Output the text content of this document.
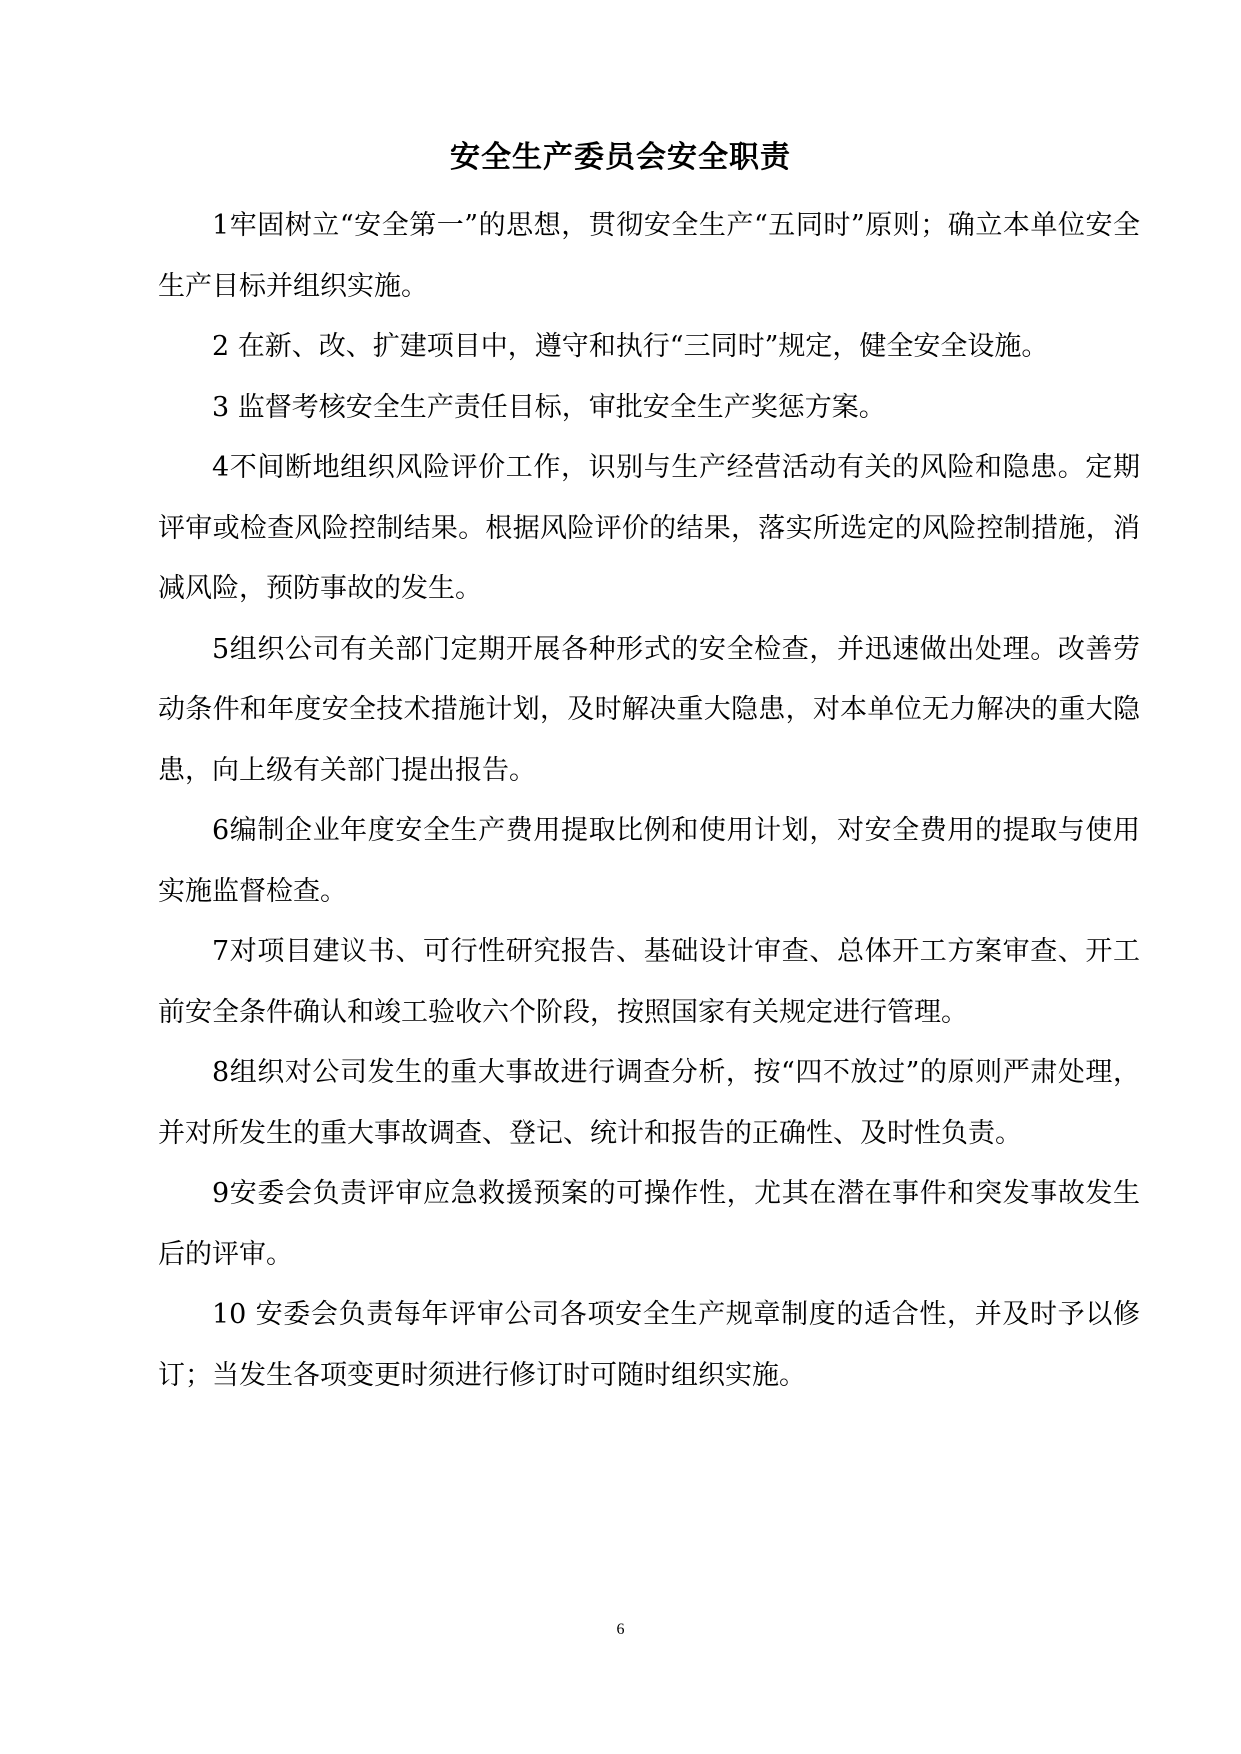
安全生产委员会安全职责

1牢固树立“安全第一”的思想，贯彻安全生产“五同时”原则；确立本单位安全生产目标并组织实施。

2 在新、改、扩建项目中，遵守和执行“三同时”规定，健全安全设施。

3 监督考核安全生产责任目标，审批安全生产奖惩方案。

4不间断地组织风险评价工作，识别与生产经营活动有关的风险和隐患。定期评审或检查风险控制结果。根据风险评价的结果，落实所选定的风险控制措施，消减风险，预防事故的发生。

5组织公司有关部门定期开展各种形式的安全检查，并迅速做出处理。改善劳动条件和年度安全技术措施计划，及时解决重大隐患，对本单位无力解决的重大隐患，向上级有关部门提出报告。

6编制企业年度安全生产费用提取比例和使用计划，对安全费用的提取与使用实施监督检查。

7对项目建议书、可行性研究报告、基础设计审查、总体开工方案审查、开工前安全条件确认和竣工验收六个阶段，按照国家有关规定进行管理。

8组织对公司发生的重大事故进行调查分析，按“四不放过”的原则严肃处理，并对所发生的重大事故调查、登记、统计和报告的正确性、及时性负责。

9安委会负责评审应急救援预案的可操作性，尤其在潜在事件和突发事故发生后的评审。

10 安委会负责每年评审公司各项安全生产规章制度的适合性，并及时予以修订；当发生各项变更时须进行修订时可随时组织实施。

6
